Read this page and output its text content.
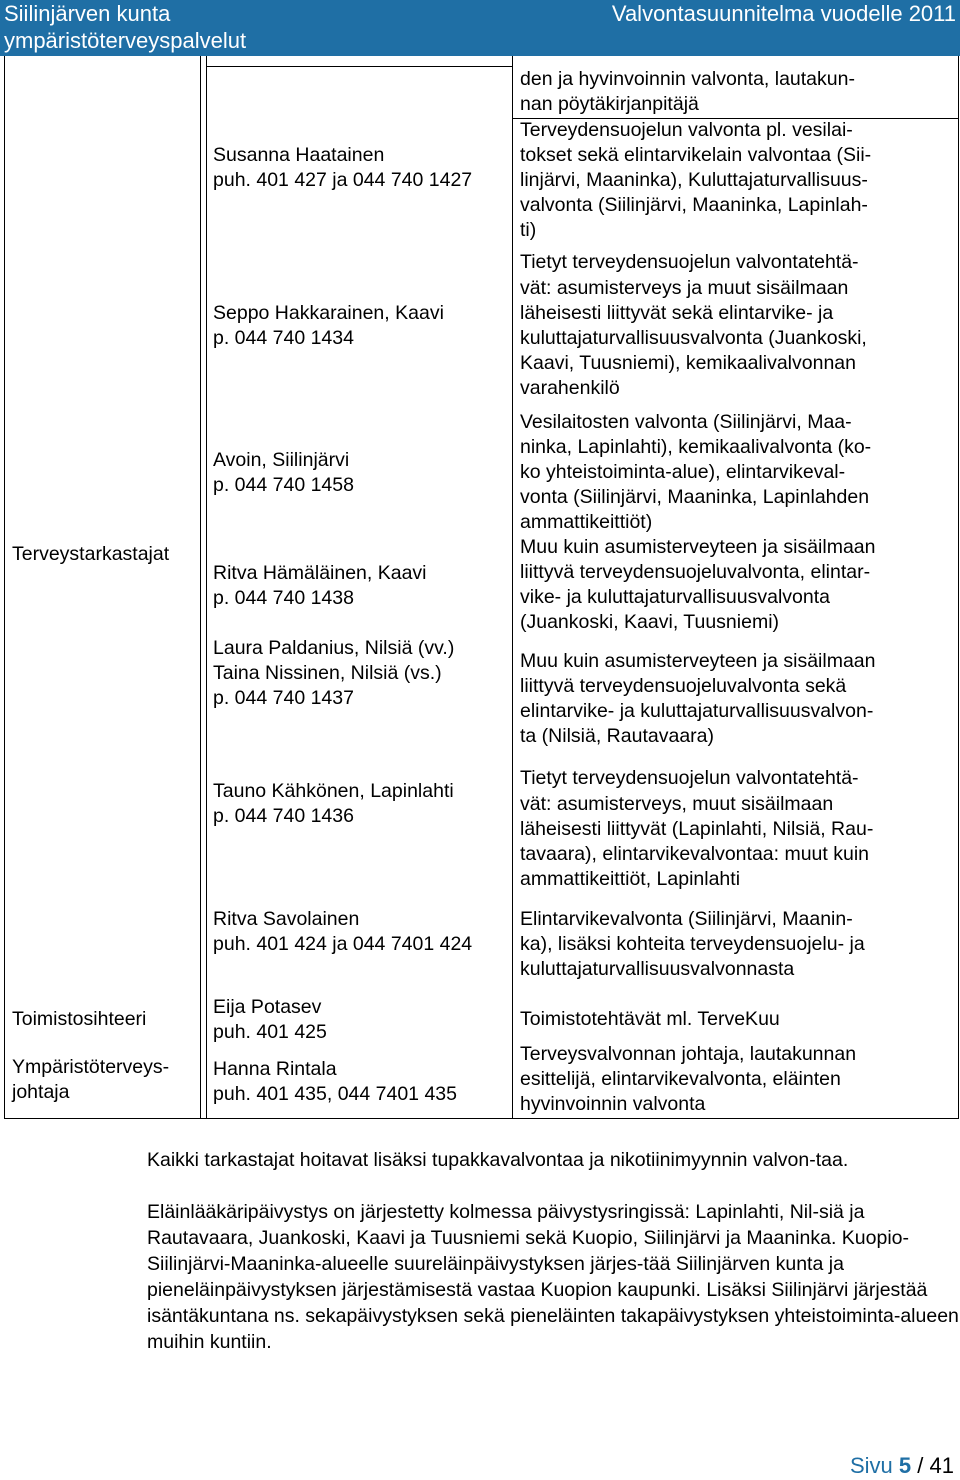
Siilinjärven kunta
ympäristöterveyspalvelut
Valvontasuunnitelma vuodelle 2011
Terveystarkastajat
Toimistosihteeri
Ympäristöterveys-
johtaja
Susanna Haatainen
puh. 401 427 ja 044 740 1427
Seppo Hakkarainen, Kaavi
p. 044 740 1434
Avoin, Siilinjärvi
p. 044 740 1458
Ritva Hämäläinen, Kaavi
p. 044 740 1438
Laura Paldanius, Nilsiä (vv.)
Taina Nissinen, Nilsiä (vs.)
p. 044 740 1437
Tauno Kähkönen, Lapinlahti
p. 044 740 1436
Ritva Savolainen
puh. 401 424 ja 044 7401 424
Eija Potasev
puh. 401 425
Hanna Rintala
puh. 401 435, 044 7401 435
den ja hyvinvoinnin valvonta, lautakun-
nan pöytäkirjanpitäjä
Terveydensuojelun valvonta pl. vesilai-
tokset sekä elintarvikelain valvontaa (Sii-
linjärvi, Maaninka), Kuluttajaturvallisuus-
valvonta (Siilinjärvi, Maaninka, Lapinlah-
ti)
Tietyt terveydensuojelun valvontatehtä-
vät: asumisterveys ja muut sisäilmaan
läheisesti liittyvät sekä elintarvike- ja
kuluttajaturvallisuusvalvonta (Juankoski,
Kaavi, Tuusniemi), kemikaalivalvonnan
varahenkilö
Vesilaitosten valvonta (Siilinjärvi, Maa-
ninka, Lapinlahti), kemikaalivalvonta (ko-
ko yhteistoiminta-alue), elintarvikeval-
vonta (Siilinjärvi, Maaninka, Lapinlahden
ammattikeittiöt)
Muu kuin asumisterveyteen ja sisäilmaan
liittyvä terveydensuojeluvalvonta, elintar-
vike- ja kuluttajaturvallisuusvalvonta
(Juankoski, Kaavi, Tuusniemi)
Muu kuin asumisterveyteen ja sisäilmaan
liittyvä terveydensuojeluvalvonta sekä
elintarvike- ja kuluttajaturvallisuusvalvon-
ta (Nilsiä, Rautavaara)
Tietyt terveydensuojelun valvontatehtä-
vät: asumisterveys, muut sisäilmaan
läheisesti liittyvät (Lapinlahti, Nilsiä, Rau-
tavaara), elintarvikevalvontaa: muut kuin
ammattikeittiöt, Lapinlahti
Elintarvikevalvonta (Siilinjärvi, Maanin-
ka), lisäksi kohteita terveydensuojelu- ja
kuluttajaturvallisuusvalvonnasta
Toimistotehtävät ml. TerveKuu
Terveysvalvonnan johtaja, lautakunnan
esittelijä, elintarvikevalvonta, eläinten
hyvinvoinnin valvonta

Kaikki tarkastajat hoitavat lisäksi tupakkavalvontaa ja nikotiinimyynnin valvon-taa.

Eläinlääkäripäivystys on järjestetty kolmessa päivystysringissä: Lapinlahti, Nil-siä ja Rautavaara, Juankoski, Kaavi ja Tuusniemi sekä Kuopio, Siilinjärvi ja Maaninka. Kuopio-Siilinjärvi-Maaninka-alueelle suureläinpäivystyksen järjes-tää Siilinjärven kunta ja pieneläinpäivystyksen järjestämisestä vastaa Kuopion kaupunki. Lisäksi Siilinjärvi järjestää isäntäkuntana ns. sekapäivystyksen sekä pieneläinten takapäivystyksen yhteistoiminta-alueen muihin kuntiin.

Sivu 5 / 41
